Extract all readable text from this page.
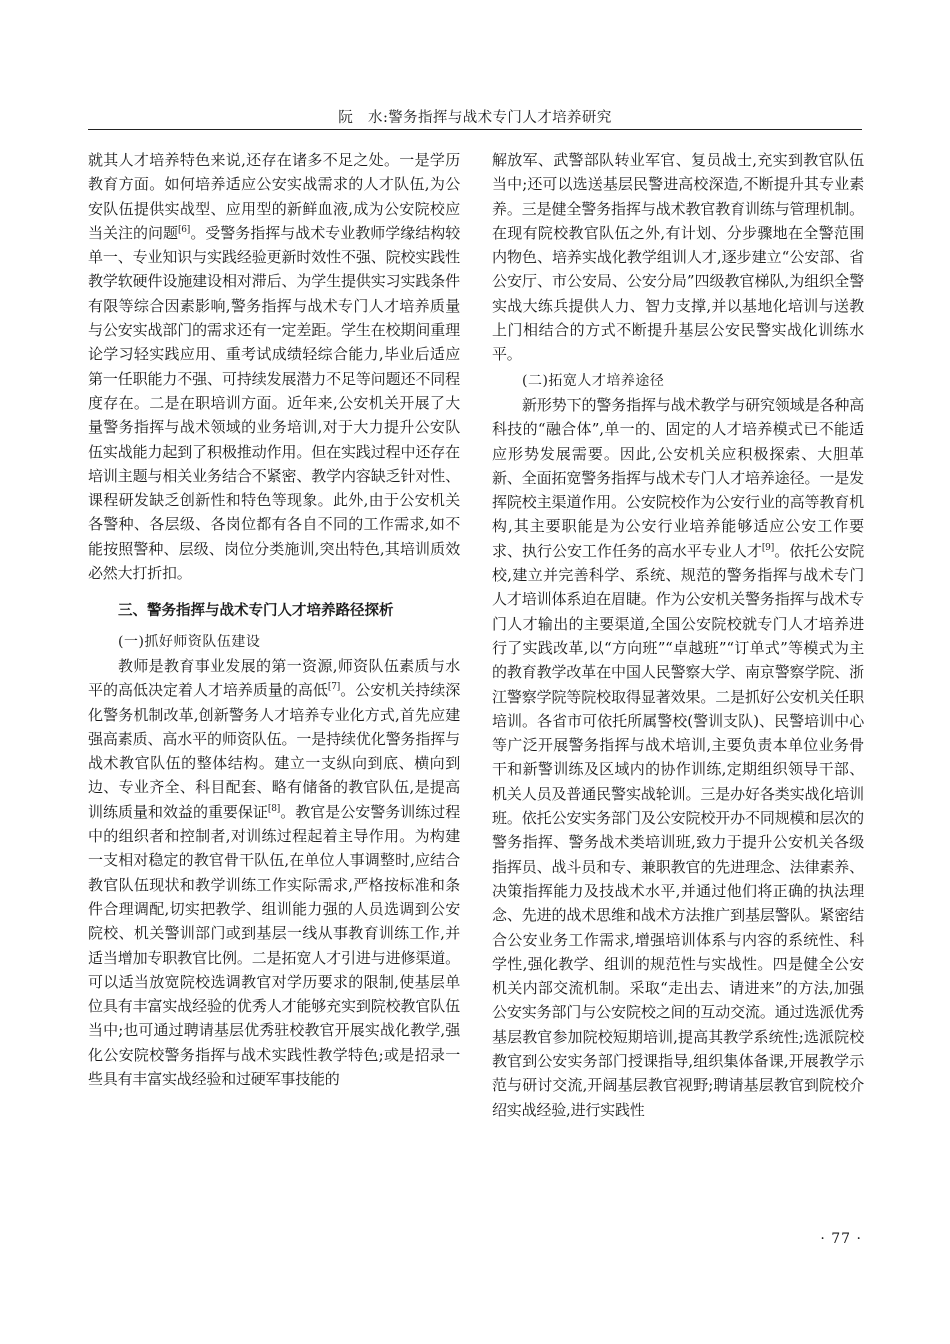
阮　水:警务指挥与战术专门人才培养研究

就其人才培养特色来说,还存在诸多不足之处。一是学历教育方面。如何培养适应公安实战需求的人才队伍,为公安队伍提供实战型、应用型的新鲜血液,成为公安院校应当关注的问题[6]。受警务指挥与战术专业教师学缘结构较单一、专业知识与实践经验更新时效性不强、院校实践性教学软硬件设施建设相对滞后、为学生提供实习实践条件有限等综合因素影响,警务指挥与战术专门人才培养质量与公安实战部门的需求还有一定差距。学生在校期间重理论学习轻实践应用、重考试成绩轻综合能力,毕业后适应第一任职能力不强、可持续发展潜力不足等问题还不同程度存在。二是在职培训方面。近年来,公安机关开展了大量警务指挥与战术领域的业务培训,对于大力提升公安队伍实战能力起到了积极推动作用。但在实践过程中还存在培训主题与相关业务结合不紧密、教学内容缺乏针对性、课程研发缺乏创新性和特色等现象。此外,由于公安机关各警种、各层级、各岗位都有各自不同的工作需求,如不能按照警种、层级、岗位分类施训,突出特色,其培训质效必然大打折扣。

三、警务指挥与战术专门人才培养路径探析

(一)抓好师资队伍建设

教师是教育事业发展的第一资源,师资队伍素质与水平的高低决定着人才培养质量的高低[7]。公安机关持续深化警务机制改革,创新警务人才培养专业化方式,首先应建强高素质、高水平的师资队伍。一是持续优化警务指挥与战术教官队伍的整体结构。建立一支纵向到底、横向到边、专业齐全、科目配套、略有储备的教官队伍,是提高训练质量和效益的重要保证[8]。教官是公安警务训练过程中的组织者和控制者,对训练过程起着主导作用。为构建一支相对稳定的教官骨干队伍,在单位人事调整时,应结合教官队伍现状和教学训练工作实际需求,严格按标准和条件合理调配,切实把教学、组训能力强的人员选调到公安院校、机关警训部门或到基层一线从事教育训练工作,并适当增加专职教官比例。二是拓宽人才引进与进修渠道。可以适当放宽院校选调教官对学历要求的限制,使基层单位具有丰富实战经验的优秀人才能够充实到院校教官队伍当中;也可通过聘请基层优秀驻校教官开展实战化教学,强化公安院校警务指挥与战术实践性教学特色;或是招录一些具有丰富实战经验和过硬军事技能的

解放军、武警部队转业军官、复员战士,充实到教官队伍当中;还可以选送基层民警进高校深造,不断提升其专业素养。三是健全警务指挥与战术教官教育训练与管理机制。在现有院校教官队伍之外,有计划、分步骤地在全警范围内物色、培养实战化教学组训人才,逐步建立“公安部、省公安厅、市公安局、公安分局”四级教官梯队,为组织全警实战大练兵提供人力、智力支撑,并以基地化培训与送教上门相结合的方式不断提升基层公安民警实战化训练水平。

(二)拓宽人才培养途径

新形势下的警务指挥与战术教学与研究领域是各种高科技的“融合体”,单一的、固定的人才培养模式已不能适应形势发展需要。因此,公安机关应积极探索、大胆革新、全面拓宽警务指挥与战术专门人才培养途径。一是发挥院校主渠道作用。公安院校作为公安行业的高等教育机构,其主要职能是为公安行业培养能够适应公安工作要求、执行公安工作任务的高水平专业人才[9]。依托公安院校,建立并完善科学、系统、规范的警务指挥与战术专门人才培训体系迫在眉睫。作为公安机关警务指挥与战术专门人才输出的主要渠道,全国公安院校就专门人才培养进行了实践改革,以“方向班”“卓越班”“订单式”等模式为主的教育教学改革在中国人民警察大学、南京警察学院、浙江警察学院等院校取得显著效果。二是抓好公安机关任职培训。各省市可依托所属警校(警训支队)、民警培训中心等广泛开展警务指挥与战术培训,主要负责本单位业务骨干和新警训练及区域内的协作训练,定期组织领导干部、机关人员及普通民警实战轮训。三是办好各类实战化培训班。依托公安实务部门及公安院校开办不同规模和层次的警务指挥、警务战术类培训班,致力于提升公安机关各级指挥员、战斗员和专、兼职教官的先进理念、法律素养、决策指挥能力及技战术水平,并通过他们将正确的执法理念、先进的战术思维和战术方法推广到基层警队。紧密结合公安业务工作需求,增强培训体系与内容的系统性、科学性,强化教学、组训的规范性与实战性。四是健全公安机关内部交流机制。采取“走出去、请进来”的方法,加强公安实务部门与公安院校之间的互动交流。通过选派优秀基层教官参加院校短期培训,提高其教学系统性;选派院校教官到公安实务部门授课指导,组织集体备课,开展教学示范与研讨交流,开阔基层教官视野;聘请基层教官到院校介绍实战经验,进行实践性

· 77 ·
